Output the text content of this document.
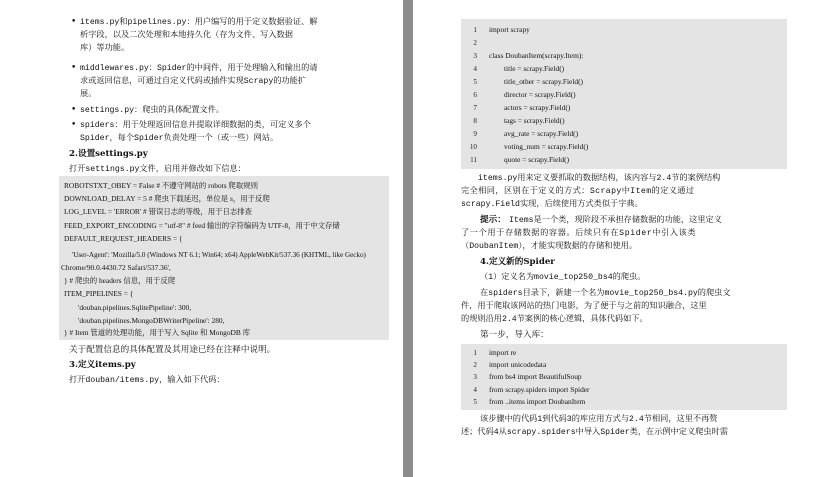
• items.py和pipelines.py：用户编写的用于定义数据验证、解
析字段，以及二次处理和本地持久化（存为文件、写入数据
库）等功能。
• middlewares.py：Spider的中间件，用于处理输入和输出的请
求或返回信息，可通过自定义代码或插件实现Scrapy的功能扩
展。
• settings.py：爬虫的具体配置文件。
• spiders：用于处理返回信息并提取详细数据的类，可定义多个
Spider，每个Spider负责处理一个（或一些）网站。
2.设置settings.py
打开settings.py文件，启用并修改如下信息：
ROBOTSTXT_OBEY = False # 不遵守网站的 robots 爬取规则
DOWNLOAD_DELAY = 5 # 爬虫下载延迟，单位是 s，用于反爬
LOG_LEVEL = 'ERROR' # 错误日志的等级，用于日志排查
FEED_EXPORT_ENCODING = "utf-8" # feed 输出的字符编码为 UTF-8，用于中文存储
DEFAULT_REQUEST_HEADERS = {
'User-Agent': 'Mozilla/5.0 (Windows NT 6.1; Win64; x64) AppleWebKit/537.36 (KHTML, like Gecko)
Chrome/90.0.4430.72 Safari/537.36',
} # 爬虫的 headers 信息，用于反爬
ITEM_PIPELINES = {
'douban.pipelines.SqlitePipeline': 300,
'douban.pipelines.MongoDBWriterPipeline': 280,
} # Item 管道的处理功能，用于写入 Sqlite 和 MongoDB 库
关于配置信息的具体配置及其用途已经在注释中说明。
3.定义items.py
打开douban/items.py，输入如下代码：
1 import scrapy
2
3 class DoubanItem(scrapy.Item):
4	title = scrapy.Field()
5	title_other = scrapy.Field()
6	director = scrapy.Field()
7	actors = scrapy.Field()
8	tags = scrapy.Field()
9	avg_rate = scrapy.Field()
10	voting_num = scrapy.Field()
11	quote = scrapy.Field()
items.py用来定义要抓取的数据结构，该内容与2.4节的案例结构
完全相同，区别在于定义的方式：Scrapy中Item的定义通过
scrapy.Field实现，后续使用方式类似于字典。
提示： Items是一个类，现阶段不承担存储数据的功能，这里定义
了一个用于存储数据的容器。后续只有在Spider中引入该类
（DoubanItem），才能实现数据的存储和使用。
4.定义新的Spider
（1）定义名为movie_top250_bs4的爬虫。
在spiders目录下，新建一个名为movie_top250_bs4.py的爬虫文
件，用于爬取该网站的热门电影，为了便于与之前的知识融合，这里
的规则沿用2.4节案例的核心逻辑，具体代码如下。
第一步，导入库：
1 import re
2 import unicodedata
3 from bs4 import BeautifulSoup
4 from scrapy.spiders import Spider
5 from ..items import DoubanItem
该步骤中的代码1到代码3的库应用方式与2.4节相同，这里不再赘
述；代码4从scrapy.spiders中导入Spider类，在示例中定义爬虫时需
